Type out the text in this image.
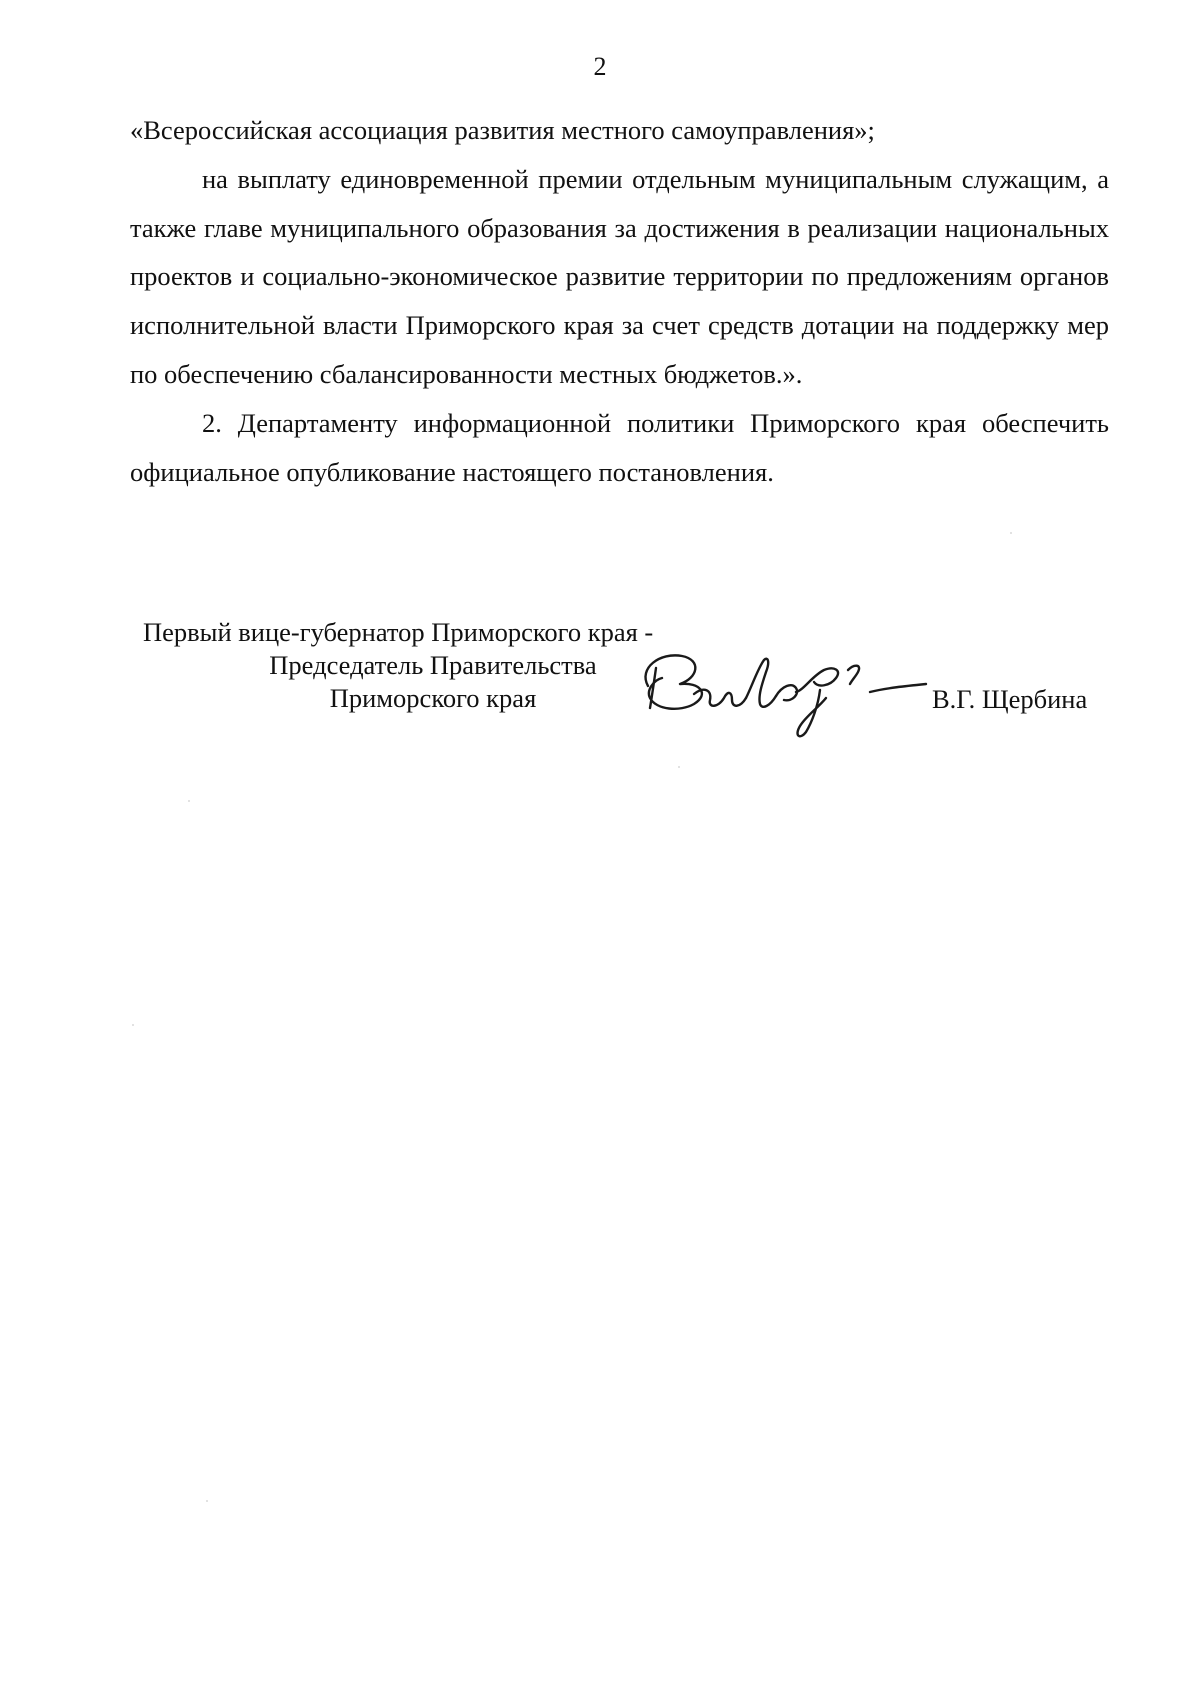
2

«Всероссийская ассоциация развития местного самоуправления»;

на выплату единовременной премии отдельным муниципальным служащим, а также главе муниципального образования за достижения в реализации национальных проектов и социально-экономическое развитие территории по предложениям органов исполнительной власти Приморского края за счет средств дотации на поддержку мер по обеспечению сбалансированности местных бюджетов.».

2. Департаменту информационной политики Приморского края обеспечить официальное опубликование настоящего постановления.

Первый вице-губернатор Приморского края -
Председатель Правительства
Приморского края	В.Г. Щербина
